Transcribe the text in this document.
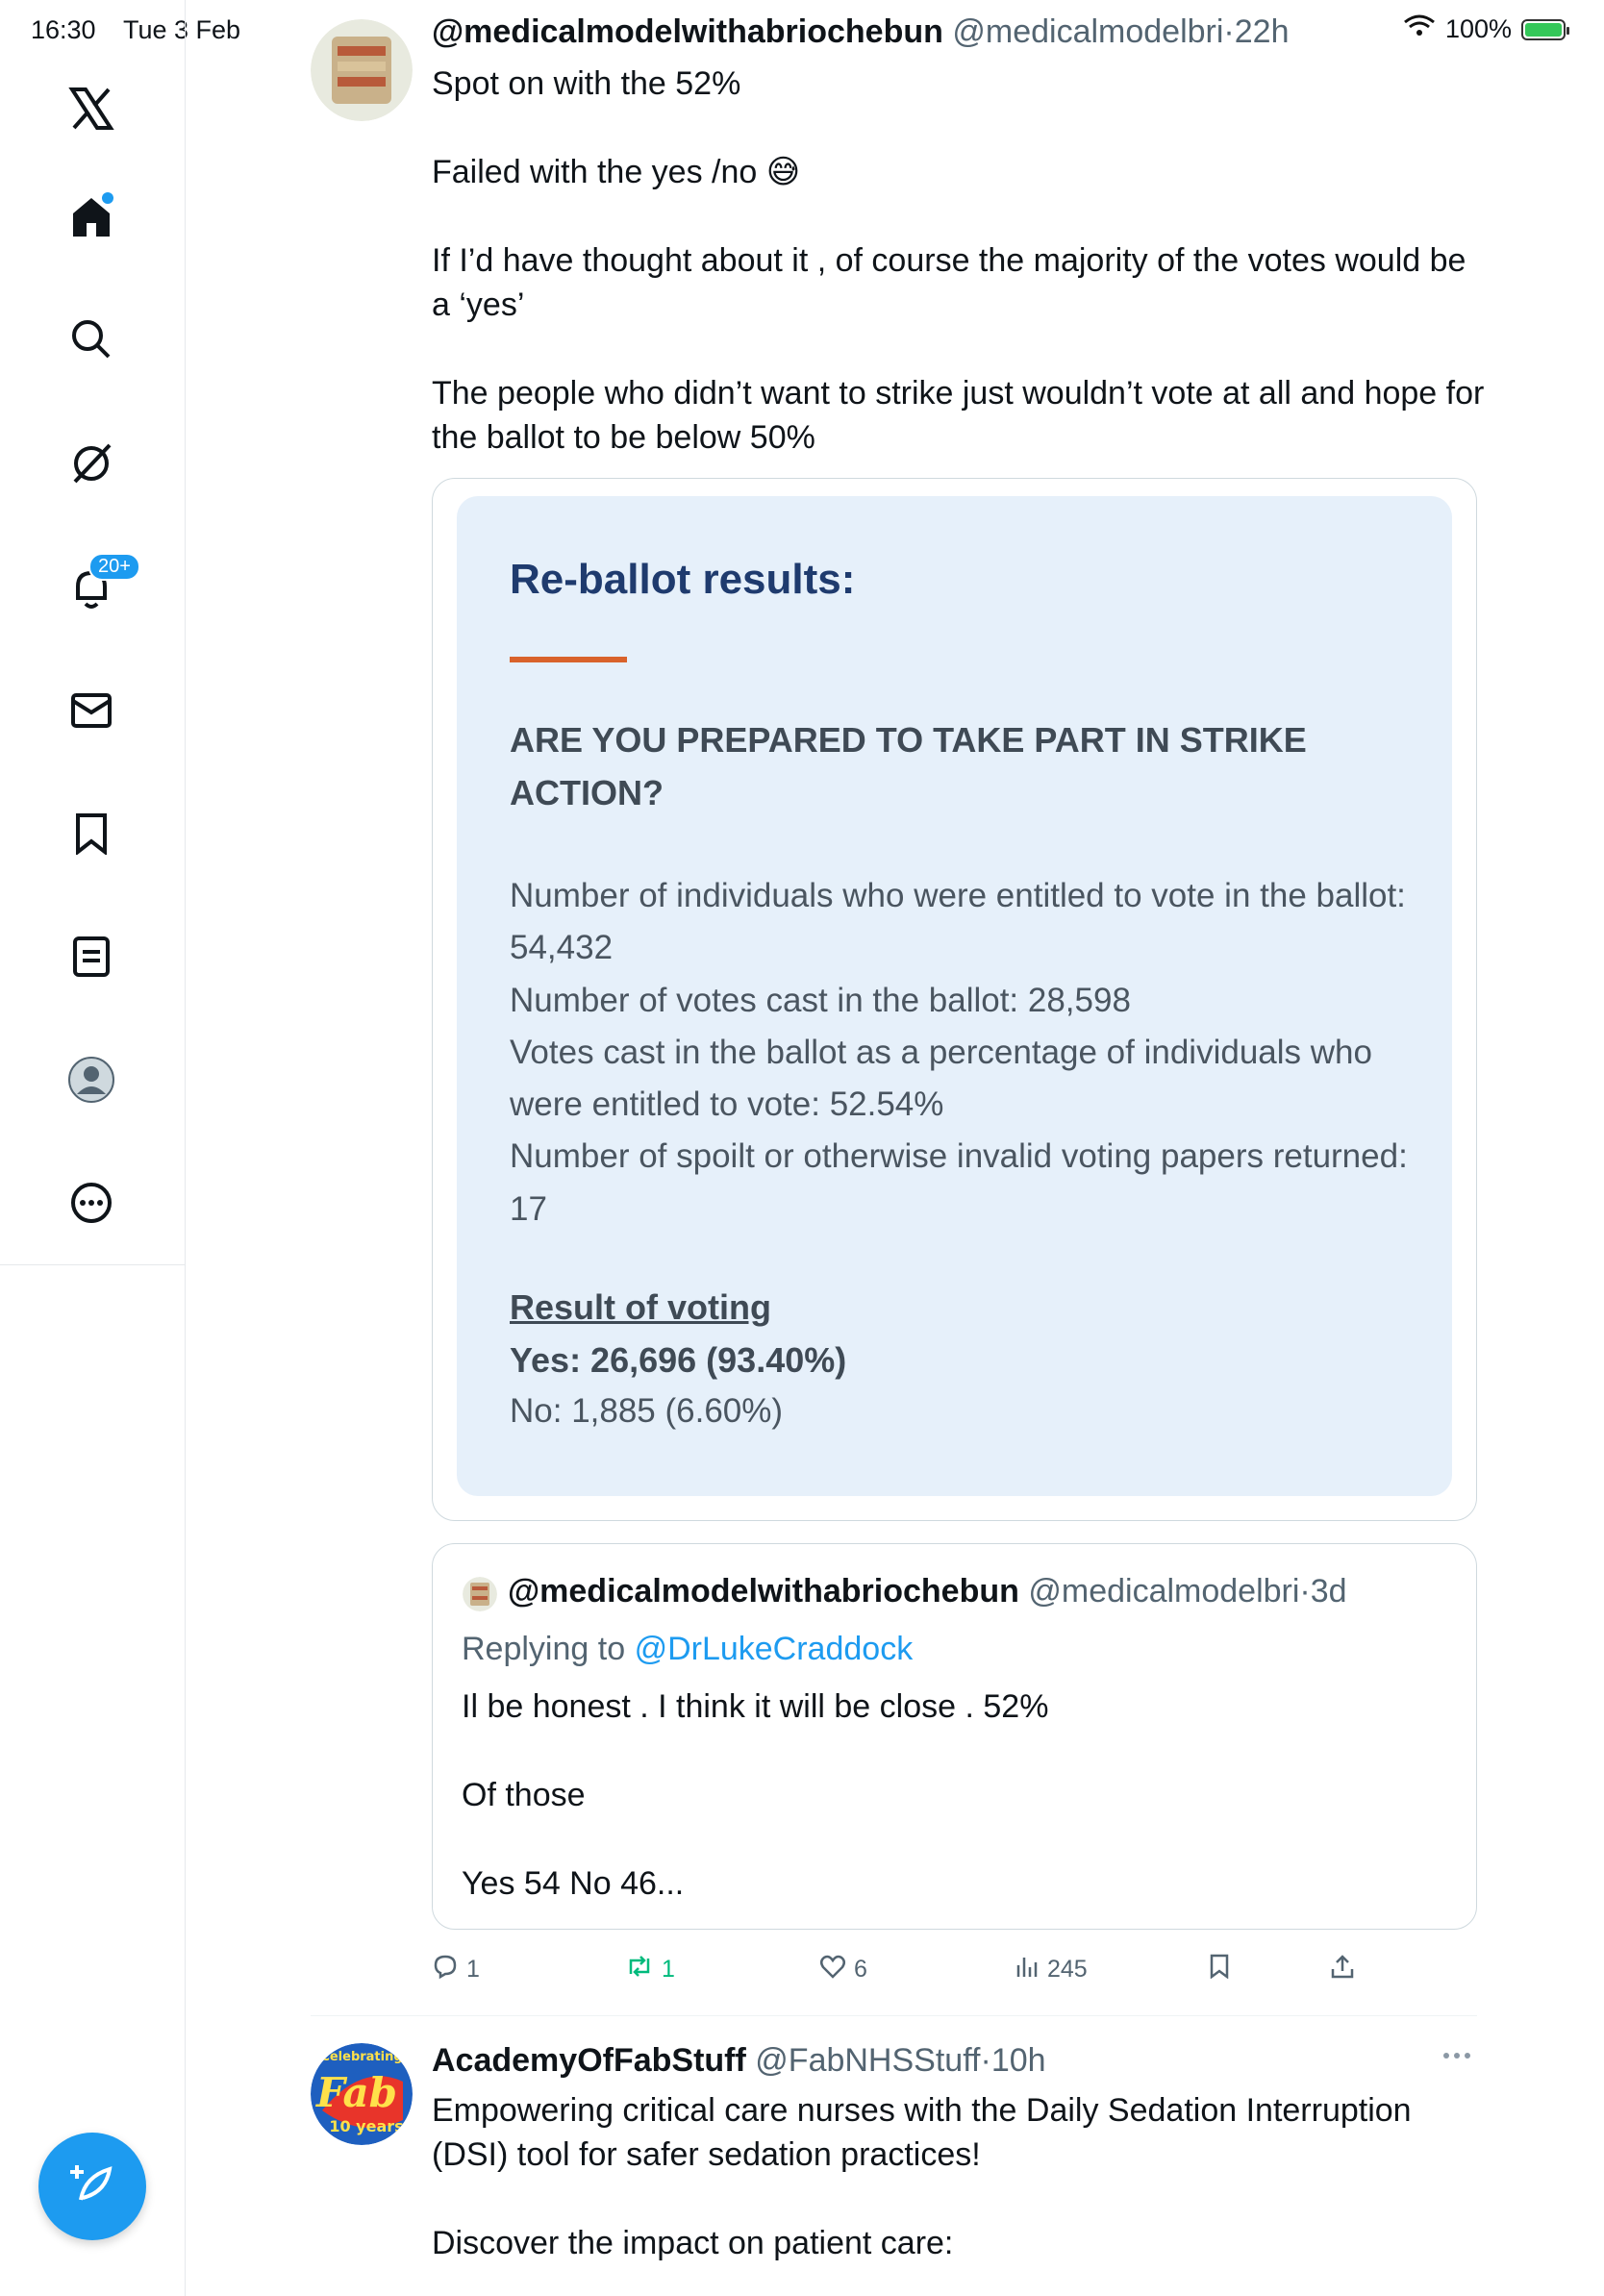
16:30 Tue 3 Feb	100%
20+
@medicalmodelwithabriochebun @medicalmodelbri·22h

Spot on with the 52%

Failed with the yes /no 😅

If I’d have thought about it , of course the majority of the votes would be a ‘yes’

The people who didn’t want to strike just wouldn’t vote at all and hope for the ballot to be below 50%

Re-ballot results:
ARE YOU PREPARED TO TAKE PART IN STRIKE ACTION?
Number of individuals who were entitled to vote in the ballot: 54,432
Number of votes cast in the ballot: 28,598
Votes cast in the ballot as a percentage of individuals who were entitled to vote: 52.54%
Number of spoilt or otherwise invalid voting papers returned: 17
Result of voting
Yes: 26,696 (93.40%)
No: 1,885 (6.60%)
@medicalmodelwithabriochebun @medicalmodelbri·3d
Replying to @DrLukeCraddock

Il be honest . I think it will be close . 52%

Of those

Yes 54 No 46...

1	1	6	245
Celebrating
Fab
10 years
AcademyOfFabStuff @FabNHSStuff·10h

Empowering critical care nurses with the Daily Sedation Interruption (DSI) tool for safer sedation practices!

Discover the impact on patient care:
